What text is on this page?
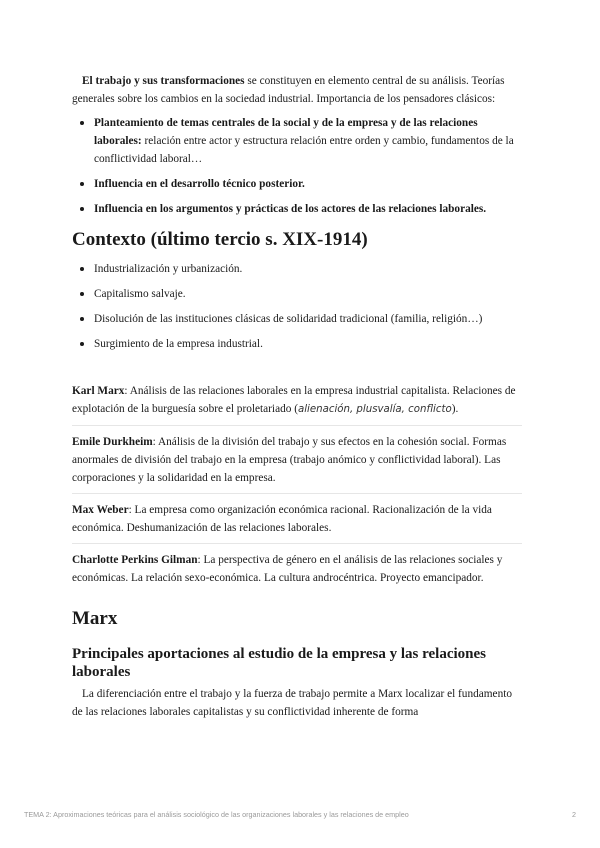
El trabajo y sus transformaciones se constituyen en elemento central de su análisis. Teorías generales sobre los cambios en la sociedad industrial. Importancia de los pensadores clásicos:

Planteamiento de temas centrales de la social y de la empresa y de las relaciones laborales: relación entre actor y estructura relación entre orden y cambio, fundamentos de la conflictividad laboral…
Influencia en el desarrollo técnico posterior.
Influencia en los argumentos y prácticas de los actores de las relaciones laborales.
Contexto (último tercio s. XIX-1914)
Industrialización y urbanización.
Capitalismo salvaje.
Disolución de las instituciones clásicas de solidaridad tradicional (familia, religión…)
Surgimiento de la empresa industrial.
Karl Marx: Análisis de las relaciones laborales en la empresa industrial capitalista. Relaciones de explotación de la burguesía sobre el proletariado (alienación, plusvalía, conflicto).
Emile Durkheim: Análisis de la división del trabajo y sus efectos en la cohesión social. Formas anormales de división del trabajo en la empresa (trabajo anómico y conflictividad laboral). Las corporaciones y la solidaridad en la empresa.
Max Weber: La empresa como organización económica racional. Racionalización de la vida económica. Deshumanización de las relaciones laborales.
Charlotte Perkins Gilman: La perspectiva de género en el análisis de las relaciones sociales y económicas. La relación sexo-económica. La cultura androcéntrica. Proyecto emancipador.
Marx
Principales aportaciones al estudio de la empresa y las relaciones laborales

La diferenciación entre el trabajo y la fuerza de trabajo permite a Marx localizar el fundamento de las relaciones laborales capitalistas y su conflictividad inherente de forma

TEMA 2: Aproximaciones teóricas para el análisis sociológico de las organizaciones laborales y las relaciones de empleo	2
